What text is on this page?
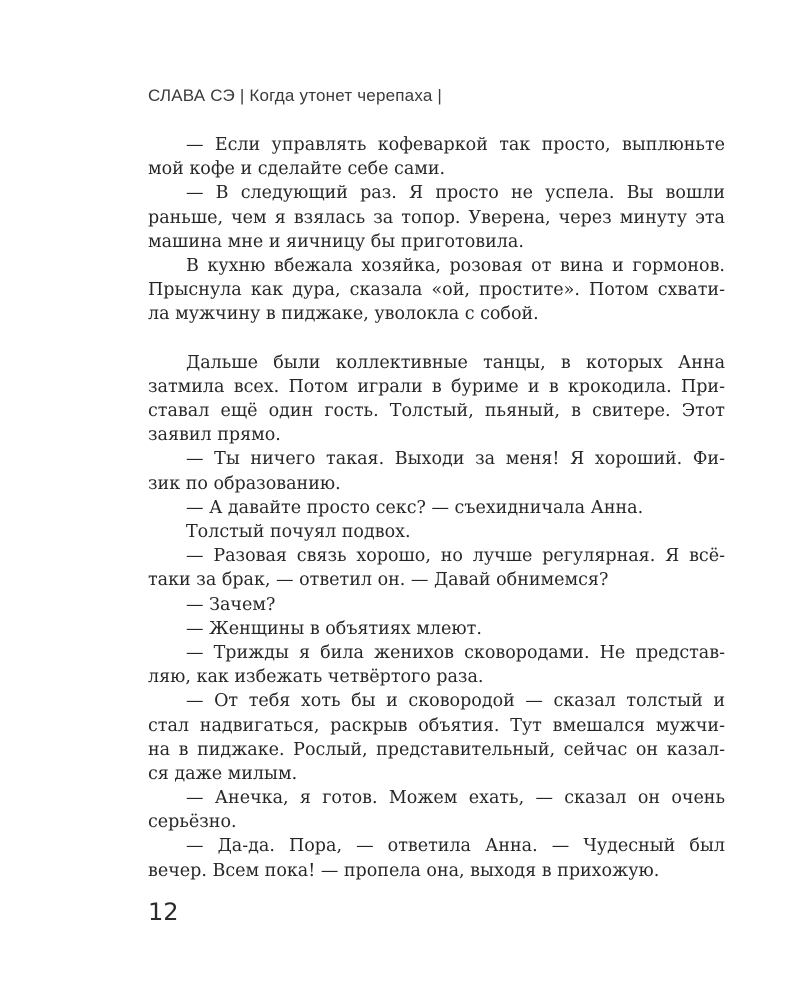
СЛАВА СЭ | Когда утонет черепаха |
— Если управлять кофеваркой так просто, выплюньте
мой кофе и сделайте себе сами.
— В следующий раз. Я просто не успела. Вы вошли
раньше, чем я взялась за топор. Уверена, через минуту эта
машина мне и яичницу бы приготовила.
В кухню вбежала хозяйка, розовая от вина и гормонов.
Прыснула как дура, сказала «ой, простите». Потом схвати-
ла мужчину в пиджаке, уволокла с собой.
Дальше были коллективные танцы, в которых Анна
затмила всех. Потом играли в буриме и в крокодила. При-
ставал ещё один гость. Толстый, пьяный, в свитере. Этот
заявил прямо.
— Ты ничего такая. Выходи за меня! Я хороший. Фи-
зик по образованию.
— А давайте просто секс? — съехидничала Анна.
Толстый почуял подвох.
— Разовая связь хорошо, но лучше регулярная. Я всё-
таки за брак, — ответил он. — Давай обнимемся?
— Зачем?
— Женщины в объятиях млеют.
— Трижды я била женихов сковородами. Не представ-
ляю, как избежать четвёртого раза.
— От тебя хоть бы и сковородой — сказал толстый и
стал надвигаться, раскрыв объятия. Тут вмешался мужчи-
на в пиджаке. Рослый, представительный, сейчас он казал-
ся даже милым.
— Анечка, я готов. Можем ехать, — сказал он очень
серьёзно.
— Да-да. Пора, — ответила Анна. — Чудесный был
вечер. Всем пока! — пропела она, выходя в прихожую.
12
